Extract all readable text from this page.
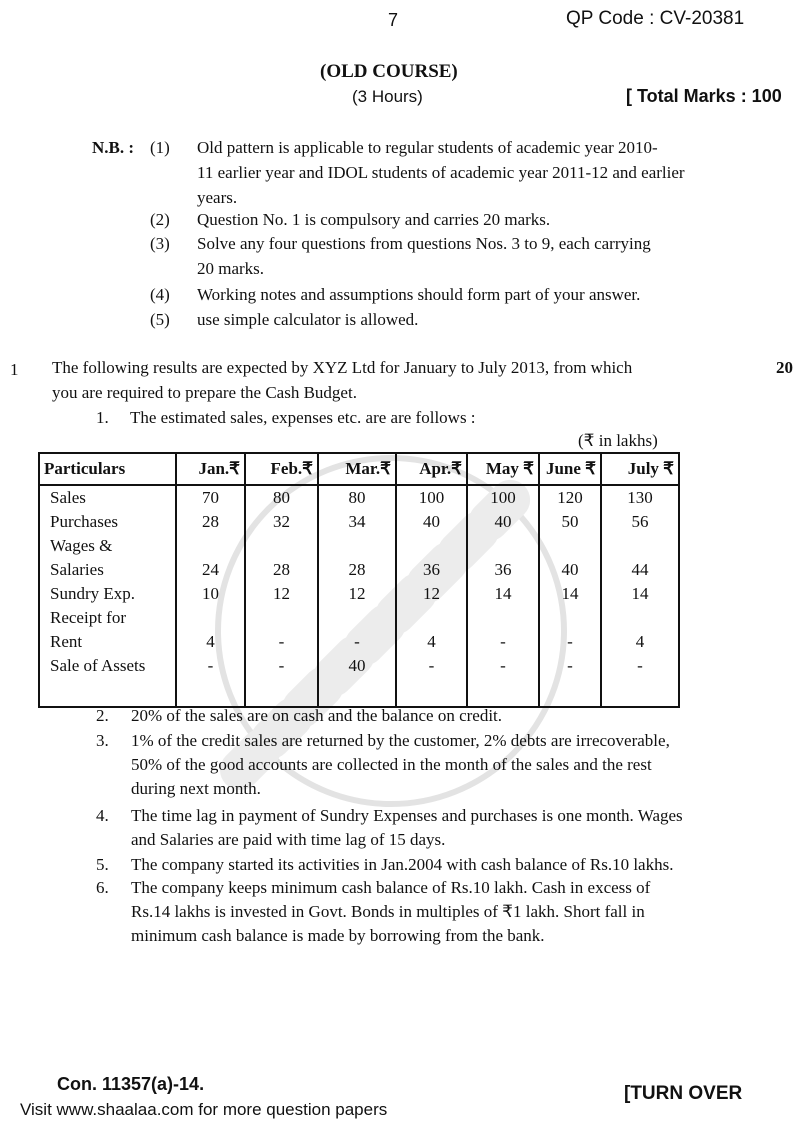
7	QP Code : CV-20381
(OLD COURSE)
(3 Hours)	[ Total Marks : 100
N.B. : (1) Old pattern is applicable to regular students of academic year 2010-
11 earlier year and IDOL students of academic year 2011-12 and earlier
years.
(2) Question No. 1 is compulsory and carries 20 marks.
(3) Solve any four questions from questions Nos. 3 to 9, each carrying
20 marks.
(4) Working notes and assumptions should form part of your answer.
(5) use simple calculator is allowed.
1 The following results are expected by XYZ Ltd for January to July 2013, from which
you are required to prepare the Cash Budget.
20
1. The estimated sales, expenses etc. are are follows :
(₹ in lakhs)
Particulars	Jan.₹	Feb.₹	Mar.₹	Apr.₹	May ₹	June ₹	July ₹
Sales	70	80	80	100	100	120	130
Purchases	28	32	34	40	40	50	56
Wages &
Salaries	24	28	28	36	36	40	44
Sundry Exp.	10	12	12	12	14	14	14
Receipt for
Rent	4	-	-	4	-	-	4
Sale of Assets	-	-	40	-	-	-	-
2. 20% of the sales are on cash and the balance on credit.
3. 1% of the credit sales are returned by the customer, 2% debts are irrecoverable,
50% of the good accounts are collected in the month of the sales and the rest
during next month.
4. The time lag in payment of Sundry Expenses and purchases is one month. Wages
and Salaries are paid with time lag of 15 days.
5. The company started its activities in Jan.2004 with cash balance of Rs.10 lakhs.
6. The company keeps minimum cash balance of Rs.10 lakh. Cash in excess of
Rs.14 lakhs is invested in Govt. Bonds in multiples of ₹1 lakh. Short fall in
minimum cash balance is made by borrowing from the bank.
Con. 11357(a)-14.
Visit www.shaalaa.com for more question papers
[TURN OVER
